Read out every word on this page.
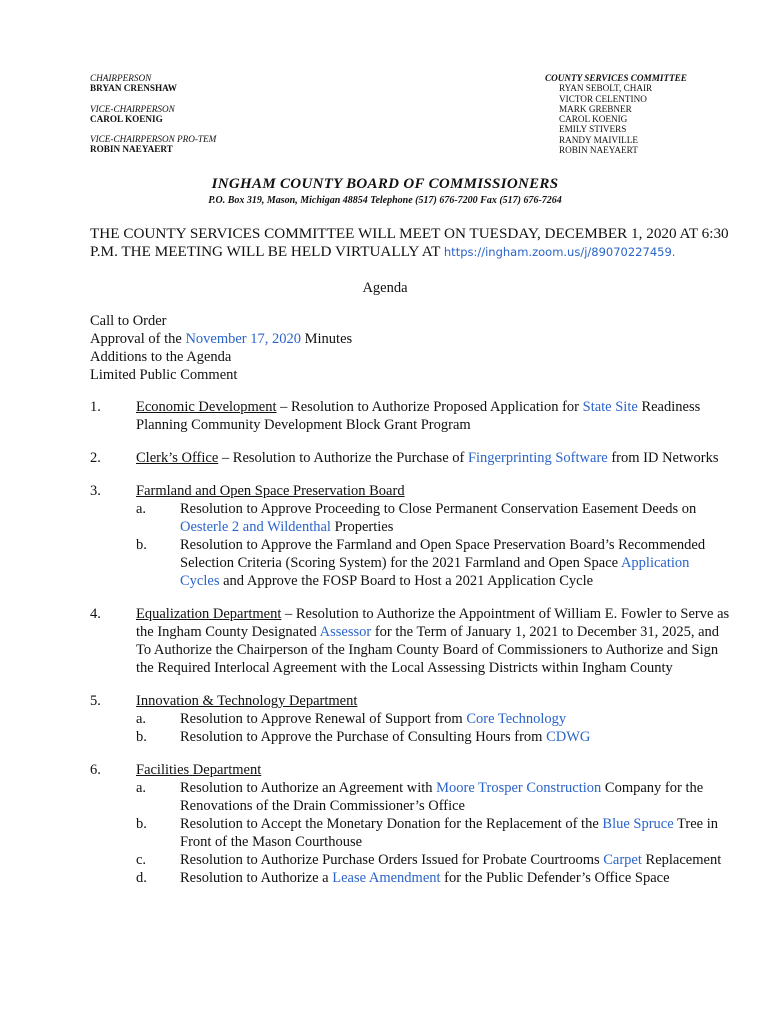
CHAIRPERSON
BRYAN CRENSHAW
VICE-CHAIRPERSON
CAROL KOENIG
VICE-CHAIRPERSON PRO-TEM
ROBIN NAEYAERT
COUNTY SERVICES COMMITTEE
RYAN SEBOLT, CHAIR
VICTOR CELENTINO
MARK GREBNER
CAROL KOENIG
EMILY STIVERS
RANDY MAIVILLE
ROBIN NAEYAERT
INGHAM COUNTY BOARD OF COMMISSIONERS
P.O. Box 319, Mason, Michigan 48854 Telephone (517) 676-7200 Fax (517) 676-7264
THE COUNTY SERVICES COMMITTEE WILL MEET ON TUESDAY, DECEMBER 1, 2020 AT 6:30 P.M. THE MEETING WILL BE HELD VIRTUALLY AT https://ingham.zoom.us/j/89070227459.
Agenda
Call to Order
Approval of the November 17, 2020 Minutes
Additions to the Agenda
Limited Public Comment
1. Economic Development – Resolution to Authorize Proposed Application for State Site Readiness Planning Community Development Block Grant Program
2. Clerk’s Office – Resolution to Authorize the Purchase of Fingerprinting Software from ID Networks
3. Farmland and Open Space Preservation Board
a. Resolution to Approve Proceeding to Close Permanent Conservation Easement Deeds on Oesterle 2 and Wildenthal Properties
b. Resolution to Approve the Farmland and Open Space Preservation Board’s Recommended Selection Criteria (Scoring System) for the 2021 Farmland and Open Space Application Cycles and Approve the FOSP Board to Host a 2021 Application Cycle
4. Equalization Department – Resolution to Authorize the Appointment of William E. Fowler to Serve as the Ingham County Designated Assessor for the Term of January 1, 2021 to December 31, 2025, and To Authorize the Chairperson of the Ingham County Board of Commissioners to Authorize and Sign the Required Interlocal Agreement with the Local Assessing Districts within Ingham County
5. Innovation & Technology Department
a. Resolution to Approve Renewal of Support from Core Technology
b. Resolution to Approve the Purchase of Consulting Hours from CDWG
6. Facilities Department
a. Resolution to Authorize an Agreement with Moore Trosper Construction Company for the Renovations of the Drain Commissioner’s Office
b. Resolution to Accept the Monetary Donation for the Replacement of the Blue Spruce Tree in Front of the Mason Courthouse
c. Resolution to Authorize Purchase Orders Issued for Probate Courtrooms Carpet Replacement
d. Resolution to Authorize a Lease Amendment for the Public Defender’s Office Space
